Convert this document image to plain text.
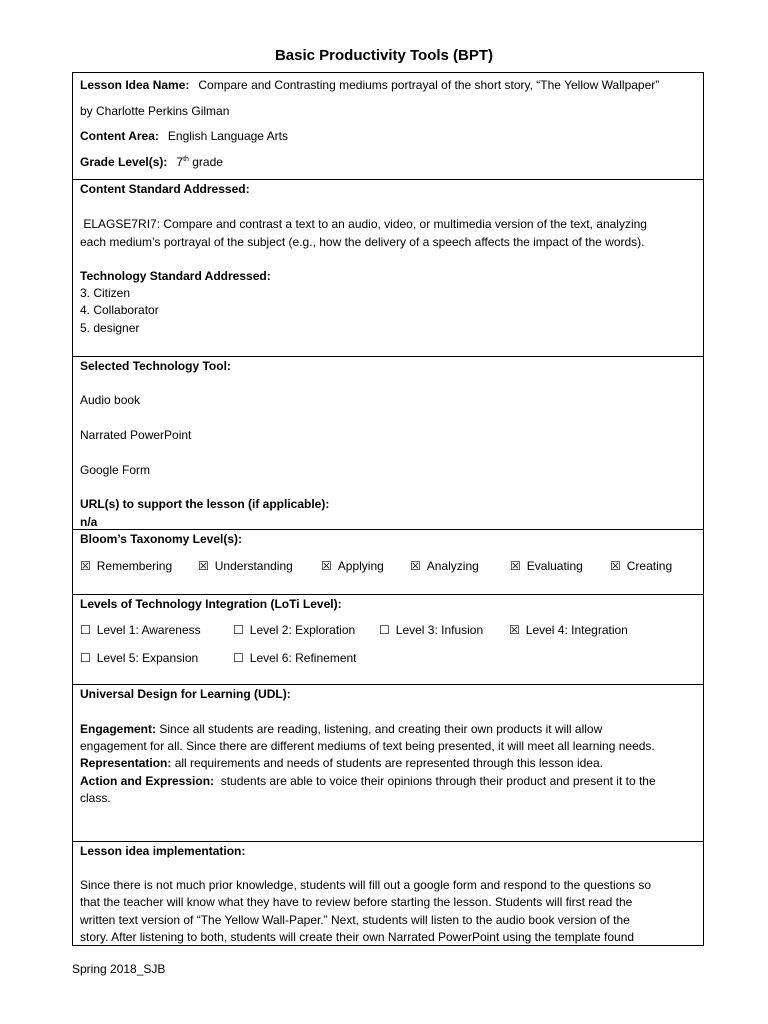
Basic Productivity Tools (BPT)
Lesson Idea Name: Compare and Contrasting mediums portrayal of the short story, “The Yellow Wallpaper”
by Charlotte Perkins Gilman
Content Area: English Language Arts
Grade Level(s): 7th grade
Content Standard Addressed:
ELAGSE7RI7: Compare and contrast a text to an audio, video, or multimedia version of the text, analyzing
each medium’s portrayal of the subject (e.g., how the delivery of a speech affects the impact of the words).
Technology Standard Addressed:
3. Citizen
4. Collaborator
5. designer
Selected Technology Tool:
Audio book
Narrated PowerPoint
Google Form
URL(s) to support the lesson (if applicable):
n/a
Bloom’s Taxonomy Level(s):
☒ Remembering ☒ Understanding ☒ Applying ☒ Analyzing	☒ Evaluating ☒ Creating
Levels of Technology Integration (LoTi Level):
☐ Level 1: Awareness	☐ Level 2: Exploration ☐ Level 3: Infusion ☒ Level 4: Integration
☐ Level 5: Expansion	☐ Level 6: Refinement
Universal Design for Learning (UDL):
Engagement: Since all students are reading, listening, and creating their own products it will allow
engagement for all. Since there are different mediums of text being presented, it will meet all learning needs.
Representation: all requirements and needs of students are represented through this lesson idea.
Action and Expression:  students are able to voice their opinions through their product and present it to the
class.
Lesson idea implementation:
Since there is not much prior knowledge, students will fill out a google form and respond to the questions so
that the teacher will know what they have to review before starting the lesson. Students will first read the
written text version of “The Yellow Wall-Paper.” Next, students will listen to the audio book version of the
story. After listening to both, students will create their own Narrated PowerPoint using the template found
Spring 2018_SJB
